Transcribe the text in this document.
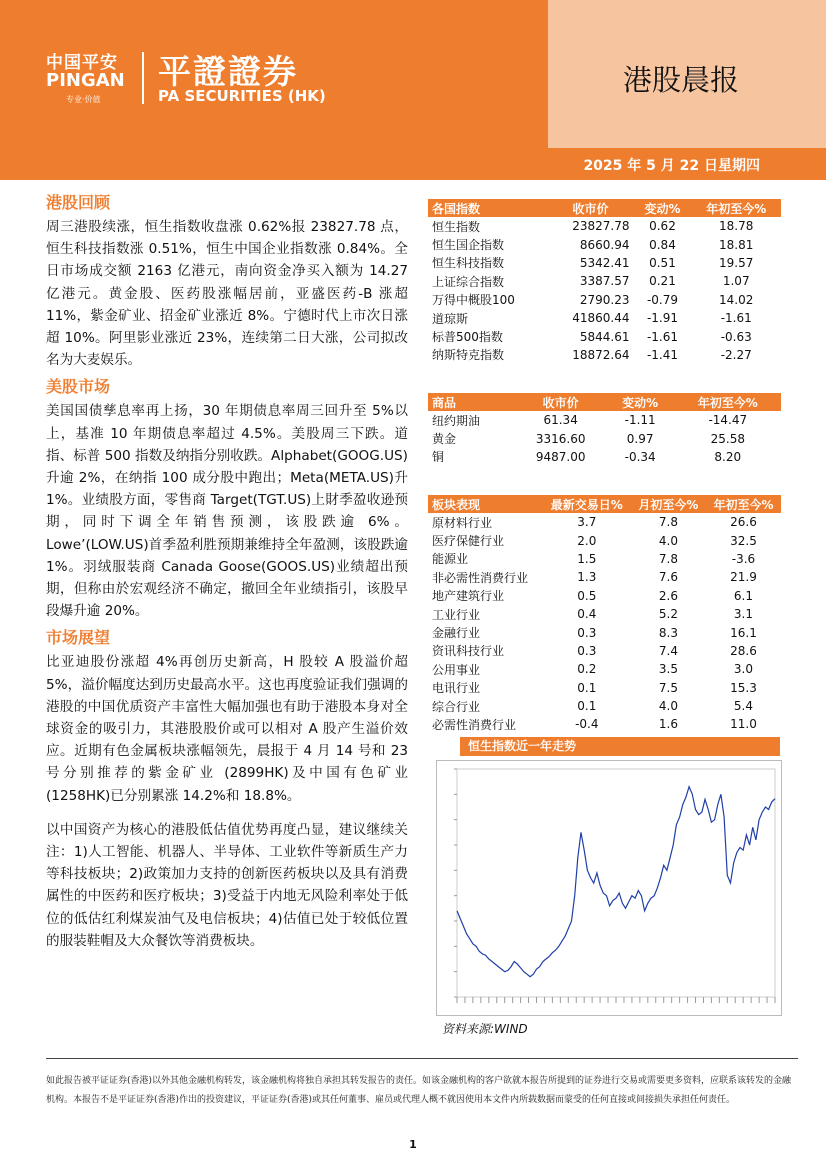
中国平安
PINGAN
专业·价值
平證證券
PA SECURITIES (HK)	港股晨报
2025 年 5 月 22 日星期四
港股回顾

周三港股续涨，恒生指数收盘涨 0.62%报 23827.78 点，恒生科技指数涨 0.51%，恒生中国企业指数涨 0.84%。全日市场成交额 2163 亿港元，南向资金净买入额为 14.27 亿港元。黄金股、医药股涨幅居前，亚盛医药-B 涨超 11%，紫金矿业、招金矿业涨近 8%。宁德时代上市次日涨超 10%。阿里影业涨近 23%，连续第二日大涨，公司拟改名为大麦娱乐。

美股市场

美国国债孳息率再上扬，30 年期债息率周三回升至 5%以上，基准 10 年期债息率超过 4.5%。美股周三下跌。道指、标普 500 指数及纳指分别收跌。Alphabet(GOOG.US)升逾 2%，在纳指 100 成分股中跑出；Meta(META.US)升 1%。业绩股方面，零售商 Target(TGT.US)上財季盈收逊预期，同时下调全年销售预测，该股跌逾 6%。Lowe’(LOW.US)首季盈利胜预期兼维持全年盈测，该股跌逾 1%。羽绒服装商 Canada Goose(GOOS.US)业绩超出预期，但称由於宏观经济不确定，撤回全年业绩指引，该股早段爆升逾 20%。

市场展望

比亚迪股份涨超 4%再创历史新高，H 股较 A 股溢价超 5%，溢价幅度达到历史最高水平。这也再度验证我们强调的港股的中国优质资产丰富性大幅加强也有助于港股本身对全球资金的吸引力，其港股股价或可以相对 A 股产生溢价效应。近期有色金属板块涨幅领先，晨报于 4 月 14 号和 23 号分别推荐的紫金矿业 (2899HK)及中国有色矿业(1258HK)已分别累涨 14.2%和 18.8%。

以中国资产为核心的港股低估值优势再度凸显，建议继续关注：1)人工智能、机器人、半导体、工业软件等新质生产力等科技板块；2)政策加力支持的创新医药板块以及具有消费属性的中医药和医疗板块；3)受益于内地无风险利率处于低位的低估红利煤炭油气及电信板块；4)估值已处于较低位置的服装鞋帽及大众餐饮等消费板块。

各国指数	收市价	变动%	年初至今%
恒生指数	23827.78	0.62	18.78
恒生国企指数	8660.94	0.84	18.81
恒生科技指数	5342.41	0.51	19.57
上证综合指数	3387.57	0.21	1.07
万得中概股100	2790.23	-0.79	14.02
道琼斯	41860.44	-1.91	-1.61
标普500指数	5844.61	-1.61	-0.63
纳斯特克指数	18872.64	-1.41	-2.27
商品	收市价	变动%	年初至今%
纽约期油	61.34	-1.11	-14.47
黄金	3316.60	0.97	25.58
铜	9487.00	-0.34	8.20
板块表现	最新交易日%	月初至今%	年初至今%
原材料行业	3.7	7.8	26.6
医疗保健行业	2.0	4.0	32.5
能源业	1.5	7.8	-3.6
非必需性消费行业	1.3	7.6	21.9
地产建筑行业	0.5	2.6	6.1
工业行业	0.4	5.2	3.1
金融行业	0.3	8.3	16.1
资讯科技行业	0.3	7.4	28.6
公用事业	0.2	3.5	3.0
电讯行业	0.1	7.5	15.3
综合行业	0.1	4.0	5.4
必需性消费行业	-0.4	1.6	11.0
恒生指数近一年走势
资料来源:WIND
如此报告被平证证券(香港)以外其他金融机构转发，该金融机构将独自承担其转发报告的责任。如该金融机构的客户欲就本报告所提到的证券进行交易或需要更多资料，应联系该转发的金融机构。本报告不是平证证券(香港)作出的投资建议，平证证券(香港)或其任何董事、雇员或代理人概不就因使用本文件内所载数据而蒙受的任何直接或间接损失承担任何责任。
1
